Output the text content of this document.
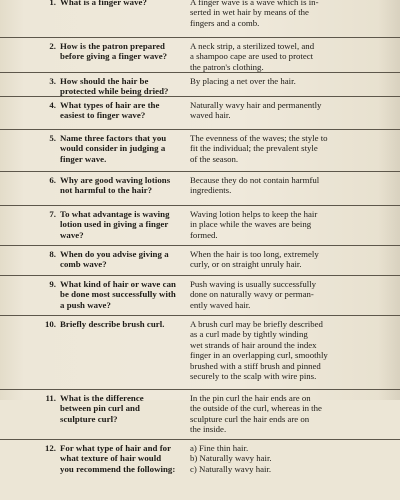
1. What is a finger wave?	A finger wave is a wave which is in-
serted in wet hair by means of the
fingers and a comb.
2. How is the patron prepared before giving a finger wave?
A neck strip, a sterilized towel, and
a shampoo cape are used to protect
the patron's clothing.
3. How should the hair be protected while being dried?
By placing a net over the hair.
4. What types of hair are the easiest to finger wave?
Naturally wavy hair and permanently
waved hair.
5. Name three factors that you would consider in judging a finger wave.
The evenness of the waves; the style to
fit the individual; the prevalent style
of the season.
6. Why are good waving lotions not harmful to the hair?
Because they do not contain harmful
ingredients.
7. To what advantage is waving lotion used in giving a finger wave?
Waving lotion helps to keep the hair
in place while the waves are being
formed.
8. When do you advise giving a comb wave?
When the hair is too long, extremely
curly, or on straight unruly hair.
9. What kind of hair or wave can be done most successfully with a push wave?
Push waving is usually successfully
done on naturally wavy or perman-
ently waved hair.
10. Briefly describe brush curl.	A brush curl may be briefly described
as a curl made by tightly winding
wet strands of hair around the index
finger in an overlapping curl, smoothly
brushed with a stiff brush and pinned
securely to the scalp with wire pins.
11. What is the difference between pin curl and sculpture curl?
In the pin curl the hair ends are on
the outside of the curl, whereas in the
sculpture curl the hair ends are on
the inside.
12. For what type of hair and for what texture of hair would you recommend the following:
a) Fine thin hair.
b) Naturally wavy hair.
c) Naturally wavy hair.
